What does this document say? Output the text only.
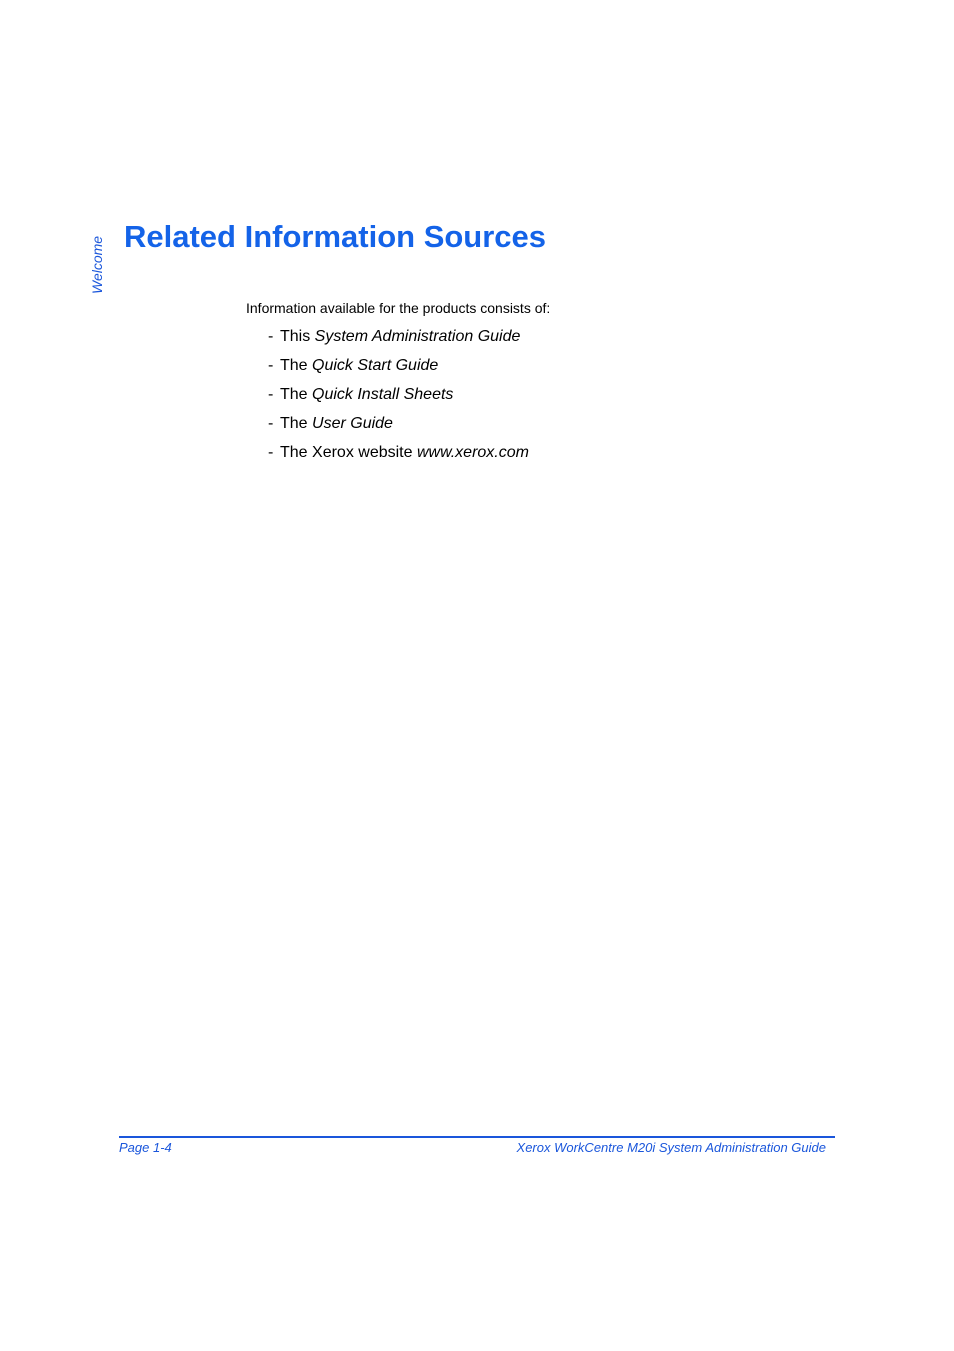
Welcome Related Information Sources

Information available for the products consists of:

- This System Administration Guide
- The Quick Start Guide
- The Quick Install Sheets
- The User Guide
- The Xerox website www.xerox.com
Page 1-4	Xerox WorkCentre M20i System Administration Guide
